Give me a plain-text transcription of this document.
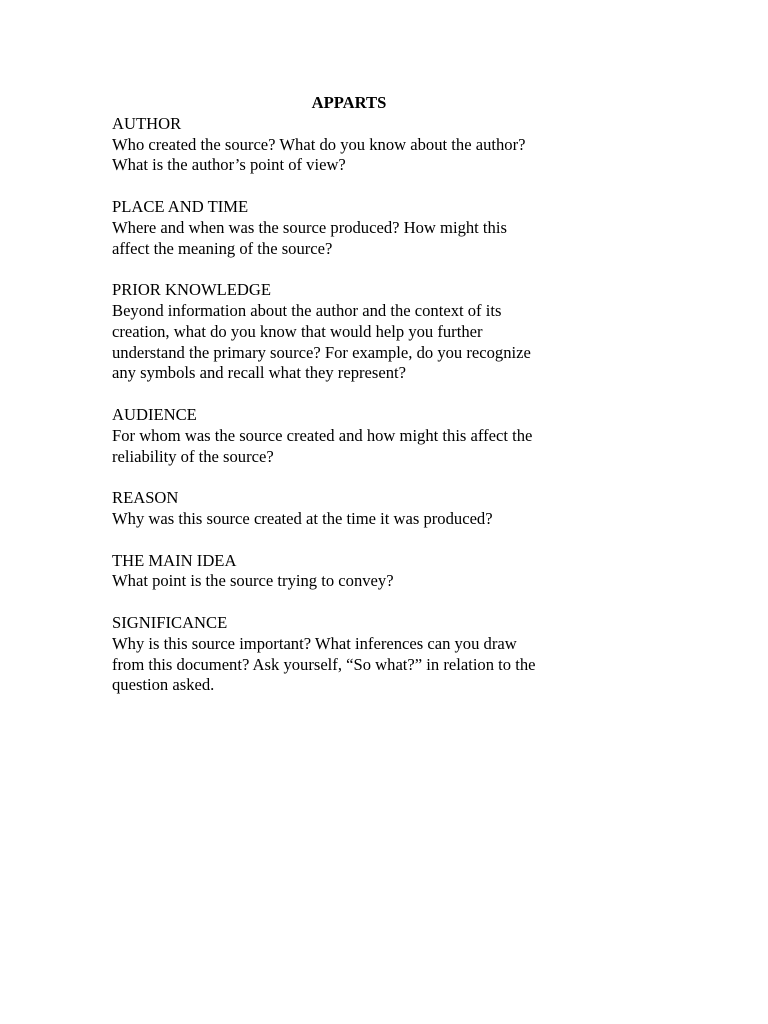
APPARTS

AUTHOR
Who created the source? What do you know about the author?
What is the author’s point of view?
PLACE AND TIME
Where and when was the source produced? How might this
affect the meaning of the source?
PRIOR KNOWLEDGE
Beyond information about the author and the context of its
creation, what do you know that would help you further
understand the primary source? For example, do you recognize
any symbols and recall what they represent?
AUDIENCE
For whom was the source created and how might this affect the
reliability of the source?
REASON
Why was this source created at the time it was produced?
THE MAIN IDEA
What point is the source trying to convey?
SIGNIFICANCE
Why is this source important? What inferences can you draw
from this document? Ask yourself, “So what?” in relation to the
question asked.
